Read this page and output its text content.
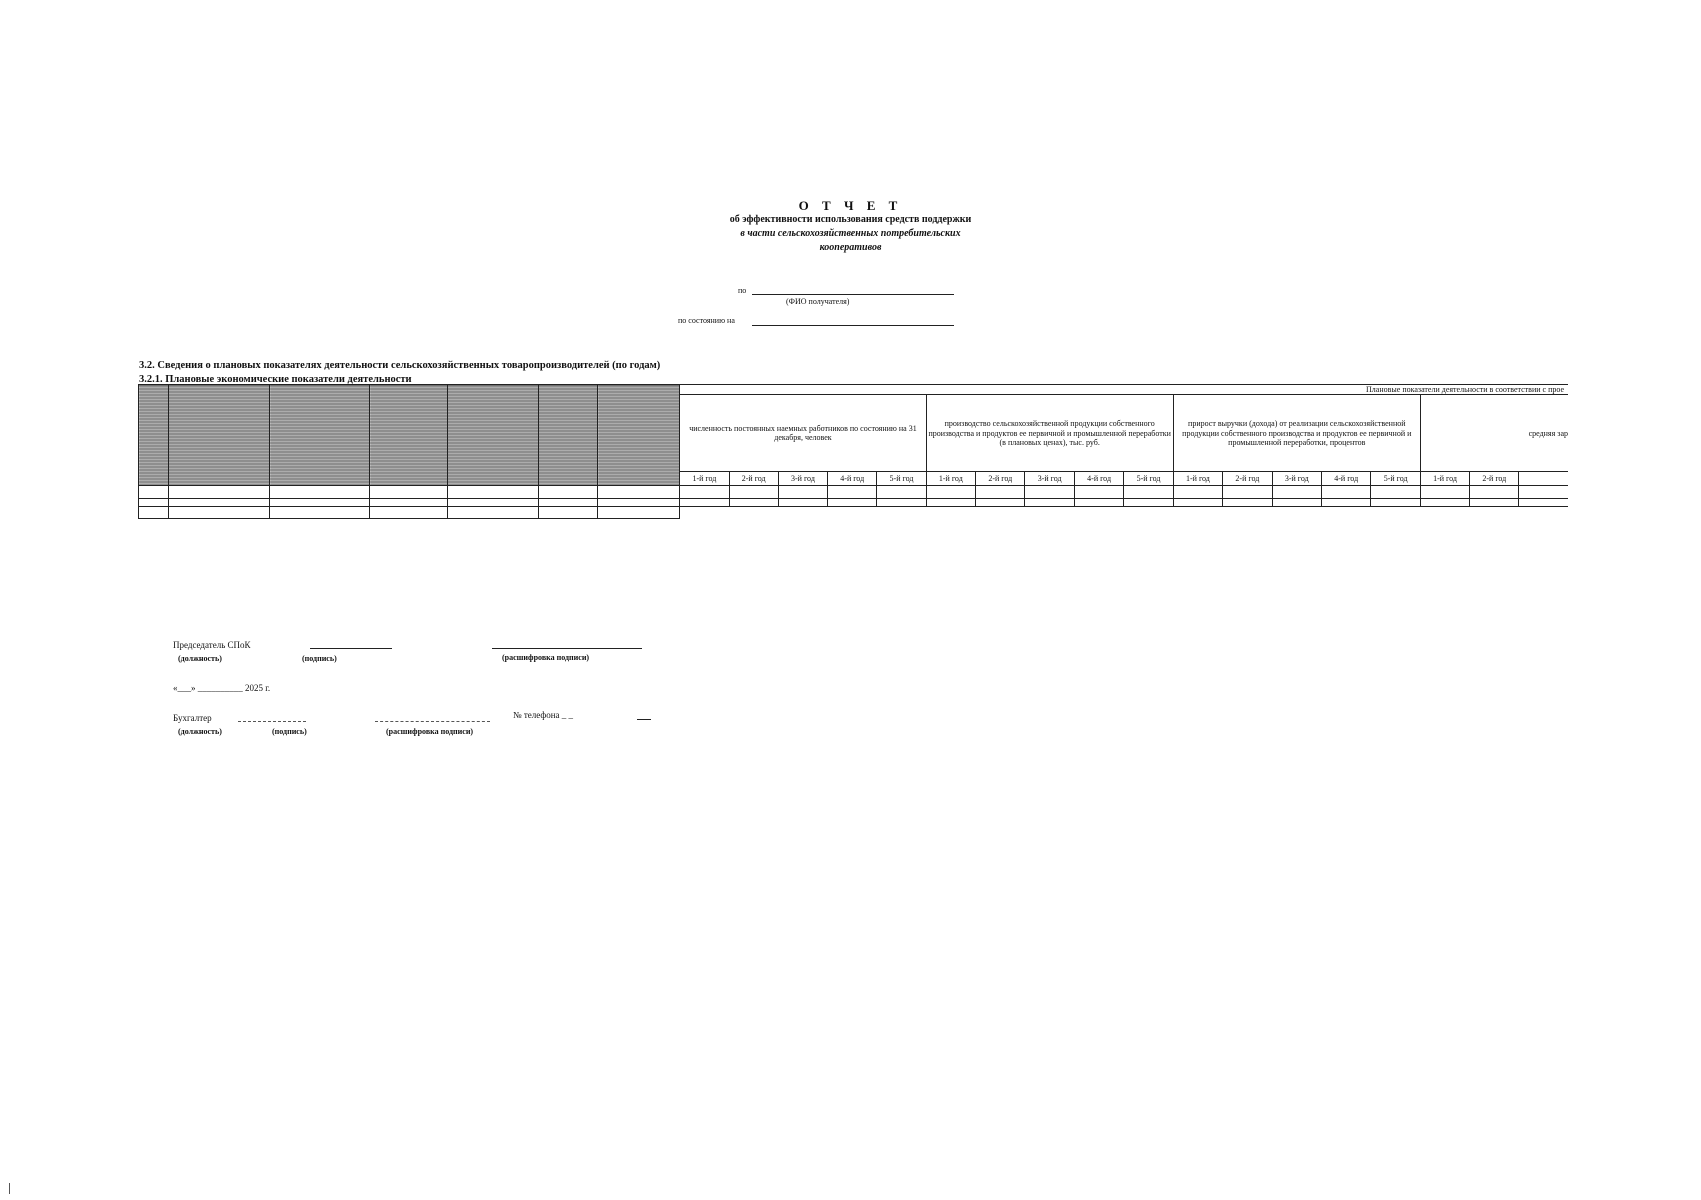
О Т Ч Е Т
об эффективности использования средств поддержки
в части сельскохозяйственных потребительских
кооперативов
по
(ФИО получателя)
по состоянию на
3.2. Сведения о плановых показателях деятельности сельскохозяйственных товаропроизводителей (по годам)
3.2.1. Плановые экономические показатели деятельности
							Плановые показатели деятельности в соответствии с прое																	
							численность постоянных наемных работников по состоянию на 31 декабря, человек					производство сельскохозяйственной продукции собственного производства и продуктов ее первичной и промышленной переработки (в плановых ценах), тыс. руб.					прирост выручки (дохода) от реализации сельскохозяйственной продукции собственного производства и продуктов ее первичной и промышленной переработки, процентов					средняя зар		
							1-й год	2-й год	3-й год	4-й год	5-й год	1-й год	2-й год	3-й год	4-й год	5-й год	1-й год	2-й год	3-й год	4-й год	5-й год	1-й год	2-й год	

Председатель СПоК
(должность)	(подпись)	(расшифровка подписи)
«___» __________ 2025 г.
Бухгалтер	№ телефона _ _
(должность)	(подпись)	(расшифровка подписи)
